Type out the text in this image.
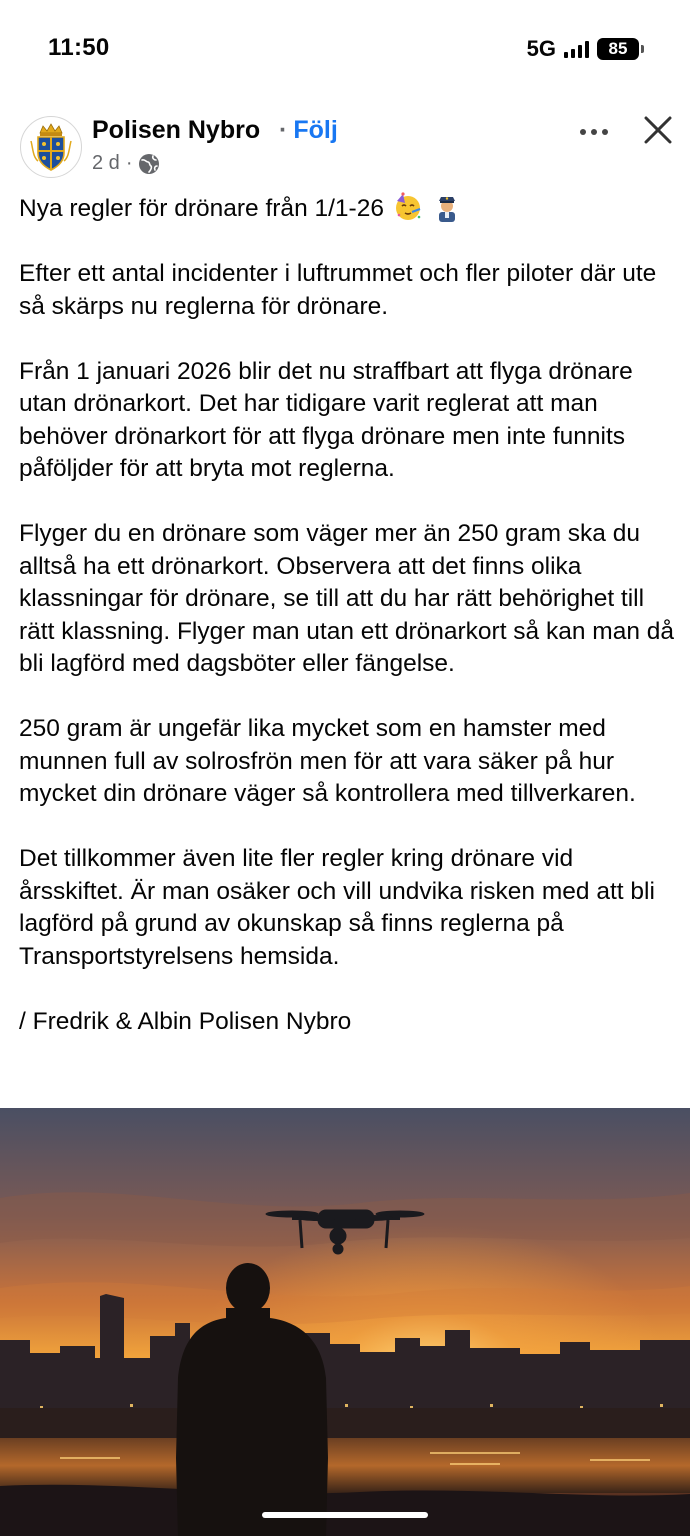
11:50	5G	85
Polisen Nybro · Följ
2 d ·

Nya regler för drönare från 1/1-26

Efter ett antal incidenter i luftrummet och fler piloter där ute så skärps nu reglerna för drönare.

Från 1 januari 2026 blir det nu straffbart att flyga drönare utan drönarkort. Det har tidigare varit reglerat att man behöver drönarkort för att flyga drönare men inte funnits påföljder för att bryta mot reglerna.

Flyger du en drönare som väger mer än 250 gram ska du alltså ha ett drönarkort. Observera att det finns olika klassningar för drönare, se till att du har rätt behörighet till rätt klassning. Flyger man utan ett drönarkort så kan man då bli lagförd med dagsböter eller fängelse.

250 gram är ungefär lika mycket som en hamster med munnen full av solrosfrön men för att vara säker på hur mycket din drönare väger så kontrollera med tillverkaren.

Det tillkommer även lite fler regler kring drönare vid årsskiftet. Är man osäker och vill undvika risken med att bli lagförd på grund av okunskap så finns reglerna på Transportstyrelsens hemsida.

/ Fredrik & Albin Polisen Nybro
